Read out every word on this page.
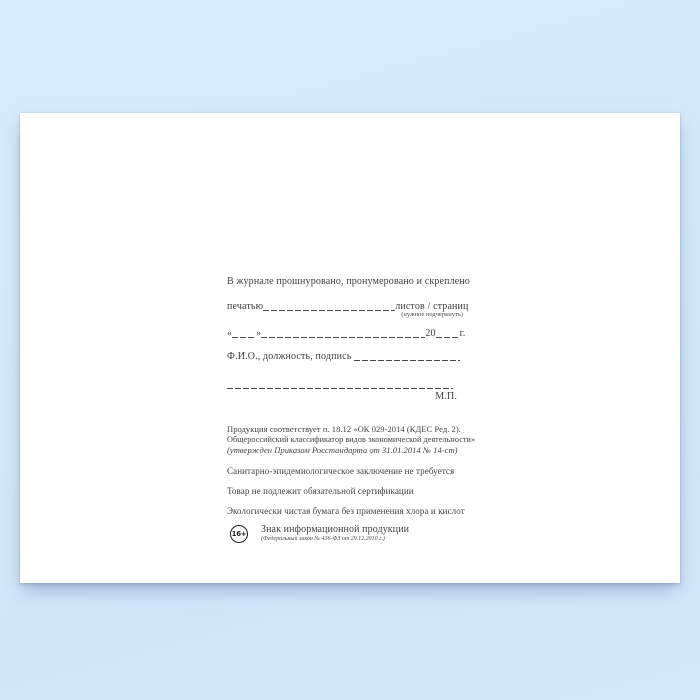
В журнале прошнуровано, пронумеровано и скреплено
печатью	листов / страниц
(нужное подчеркнуть)
« »	20 г.
Ф.И.О., должность, подпись
М.П.
Продукция соответствует п. 18.12 «ОК 029-2014 (КДЕС Ред. 2).
Общероссийский классификатор видов экономической деятельности»
(утвержден Приказом Росстандарта от 31.01.2014 № 14-ст)
Санитарно-эпидемиологическое заключение не требуется
Товар не подлежит обязательной сертификации
Экологически чистая бумага без применения хлора и кислот
16+ Знак информационной продукции
(Федеральный закон № 436-ФЗ от 29.12.2010 г.)
